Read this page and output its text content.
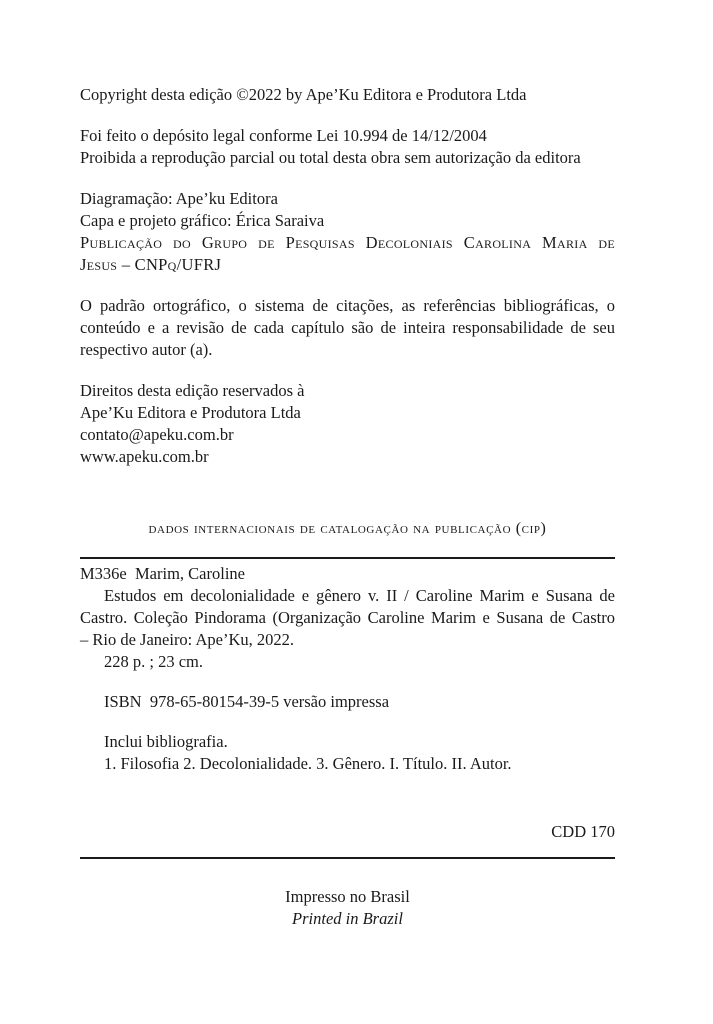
Copyright desta edição ©2022 by Ape’Ku Editora e Produtora Ltda
Foi feito o depósito legal conforme Lei 10.994 de 14/12/2004
Proibida a reprodução parcial ou total desta obra sem autorização da editora
Diagramação: Ape’ku Editora
Capa e projeto gráfico: Érica Saraiva
Publicação do Grupo de Pesquisas Decoloniais Carolina Maria de
Jesus – CNPq/UFRJ
O padrão ortográfico, o sistema de citações, as referências bibliográficas, o
conteúdo e a revisão de cada capítulo são de inteira responsabilidade de seu
respectivo autor (a).
Direitos desta edição reservados à
Ape’Ku Editora e Produtora Ltda
contato@apeku.com.br
www.apeku.com.br
dados internacionais de catalogação na publicação (cip)
M336e Marim, Caroline
Estudos em decolonialidade e gênero v. II / Caroline Marim e Susana de
Castro. Coleção Pindorama (Organização Caroline Marim e Susana de Castro
– Rio de Janeiro: Ape’Ku, 2022.
228 p. ; 23 cm.
ISBN  978-65-80154-39-5 versão impressa
Inclui bibliografia.
1. Filosofia 2. Decolonialidade. 3. Gênero. I. Título. II. Autor.
CDD 170
Impresso no Brasil
Printed in Brazil
